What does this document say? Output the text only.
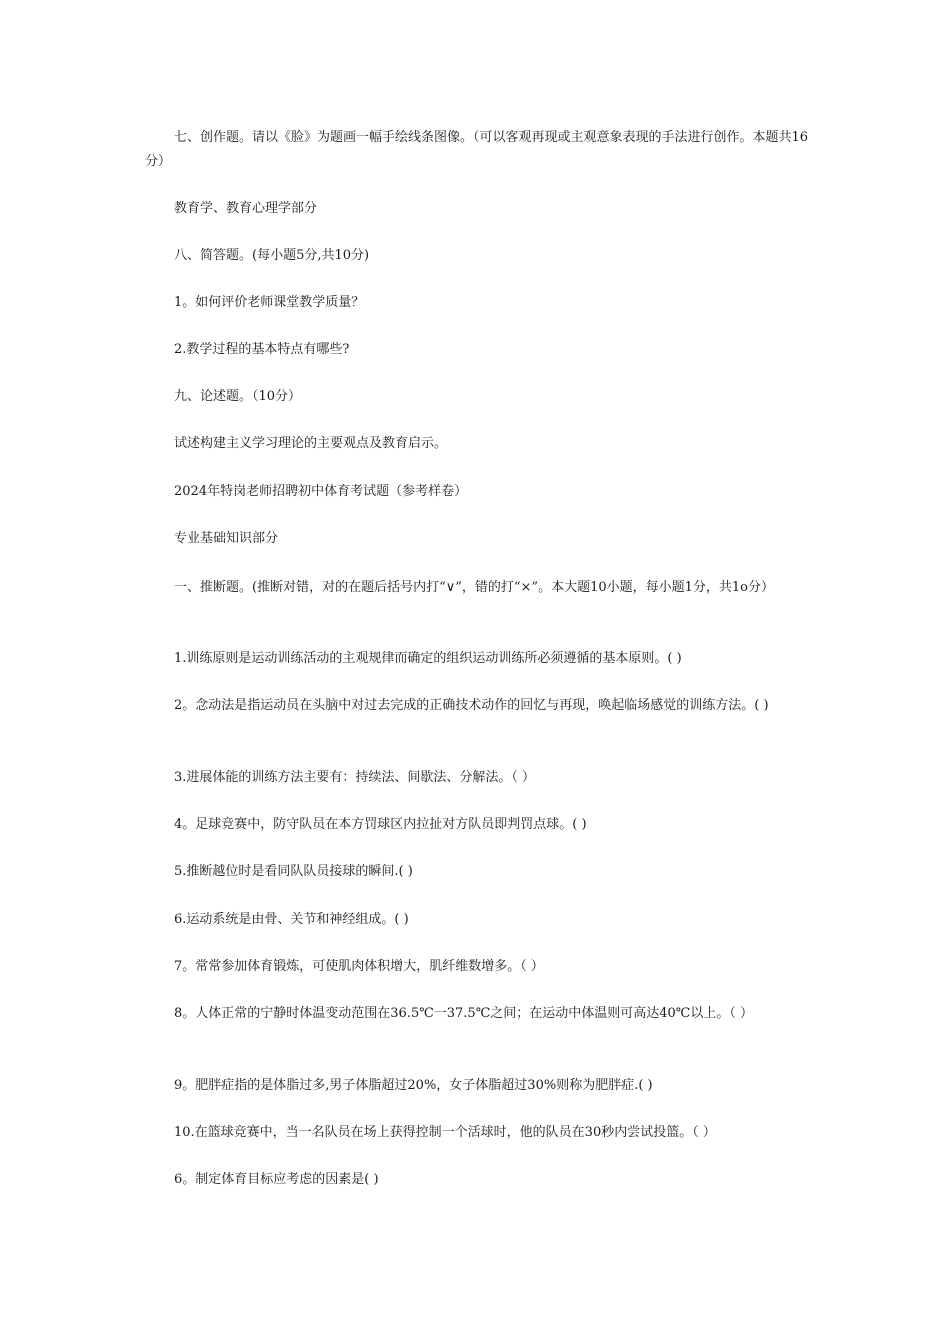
七、创作题。请以《脸》为题画一幅手绘线条图像。（可以客观再现或主观意象表现的手法进行创作。本题共16分）

教育学、教育心理学部分

八、简答题。(每小题5分,共10分)

1。如何评价老师课堂教学质量？

2.教学过程的基本特点有哪些?

九、论述题。（10分）

试述构建主义学习理论的主要观点及教育启示。

2024年特岗老师招聘初中体育考试题（参考样卷）

专业基础知识部分

一、推断题。(推断对错，对的在题后括号内打“∨”，错的打“×”。本大题10小题，每小题1分，共1o分）

1.训练原则是运动训练活动的主观规律而确定的组织运动训练所必须遵循的基本原则。( )

2。念动法是指运动员在头脑中对过去完成的正确技术动作的回忆与再现，唤起临场感觉的训练方法。( )

3.进展体能的训练方法主要有：持续法、间歇法、分解法。（ ）

4。足球竞赛中，防守队员在本方罚球区内拉扯对方队员即判罚点球。( )

5.推断越位时是看同队队员接球的瞬间.( )

6.运动系统是由骨、关节和神经组成。( )

7。常常参加体育锻炼，可使肌肉体积增大，肌纤维数增多。（ ）

8。人体正常的宁静时体温变动范围在36.5℃一37.5℃之间；在运动中体温则可高达40℃以上。（ ）

9。肥胖症指的是体脂过多,男子体脂超过20%，女子体脂超过30%则称为肥胖症.( )

10.在篮球竞赛中，当一名队员在场上获得控制一个活球时，他的队员在30秒内尝试投篮。（ ）

6。制定体育目标应考虑的因素是( )
